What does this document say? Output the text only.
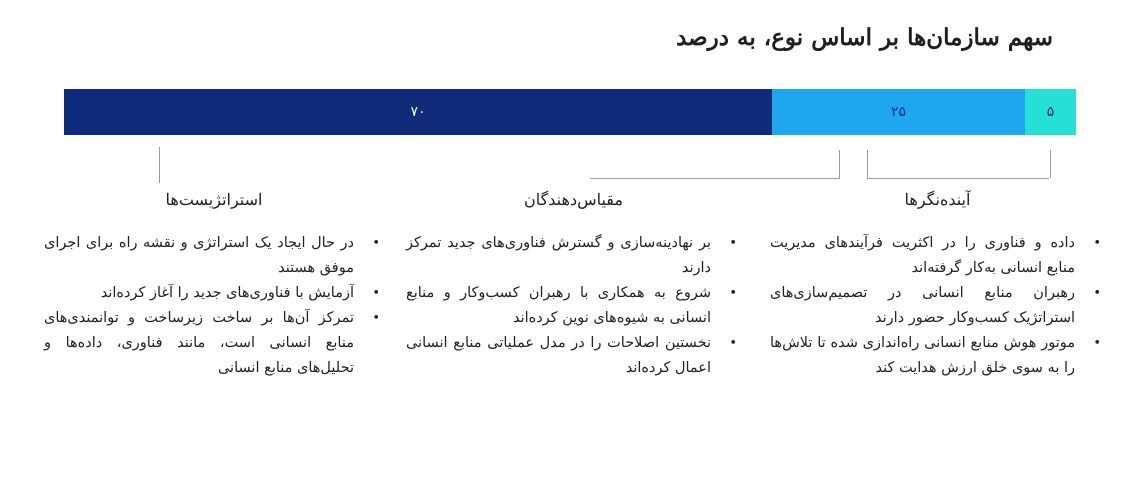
سهم سازمان‌ها بر اساس نوع، به درصد
۷۰	۲۵	۵
استراتژیست‌ها
•
در حال ایجاد یک استراتژی و نقشه راه برای اجرای موفق هستند
•
آزمایش با فناوری‌های جدید را آغاز کرده‌اند
•
تمرکز آن‌ها بر ساخت زیرساخت و توانمندی‌های منابع انسانی است، مانند فناوری، داده‌ها و تحلیل‌های منابع انسانی
مقیاس‌دهندگان
•
بر نهادینه‌سازی و گسترش فناوری‌های جدید تمرکز دارند
•
شروع به همکاری با رهبران کسب‌وکار و منابع انسانی به شیوه‌های نوین کرده‌اند
•
نخستین اصلاحات را در مدل عملیاتی منابع انسانی اعمال کرده‌اند
آینده‌نگرها
•
داده و فناوری را در اکثریت فرآیندهای مدیریت منابع انسانی به‌کار گرفته‌اند
•
رهبران منابع انسانی در تصمیم‌سازی‌های استراتژیک کسب‌وکار حضور دارند
•
موتور هوش منابع انسانی راه‌اندازی شده تا تلاش‌ها را به سوی خلق ارزش هدایت کند
